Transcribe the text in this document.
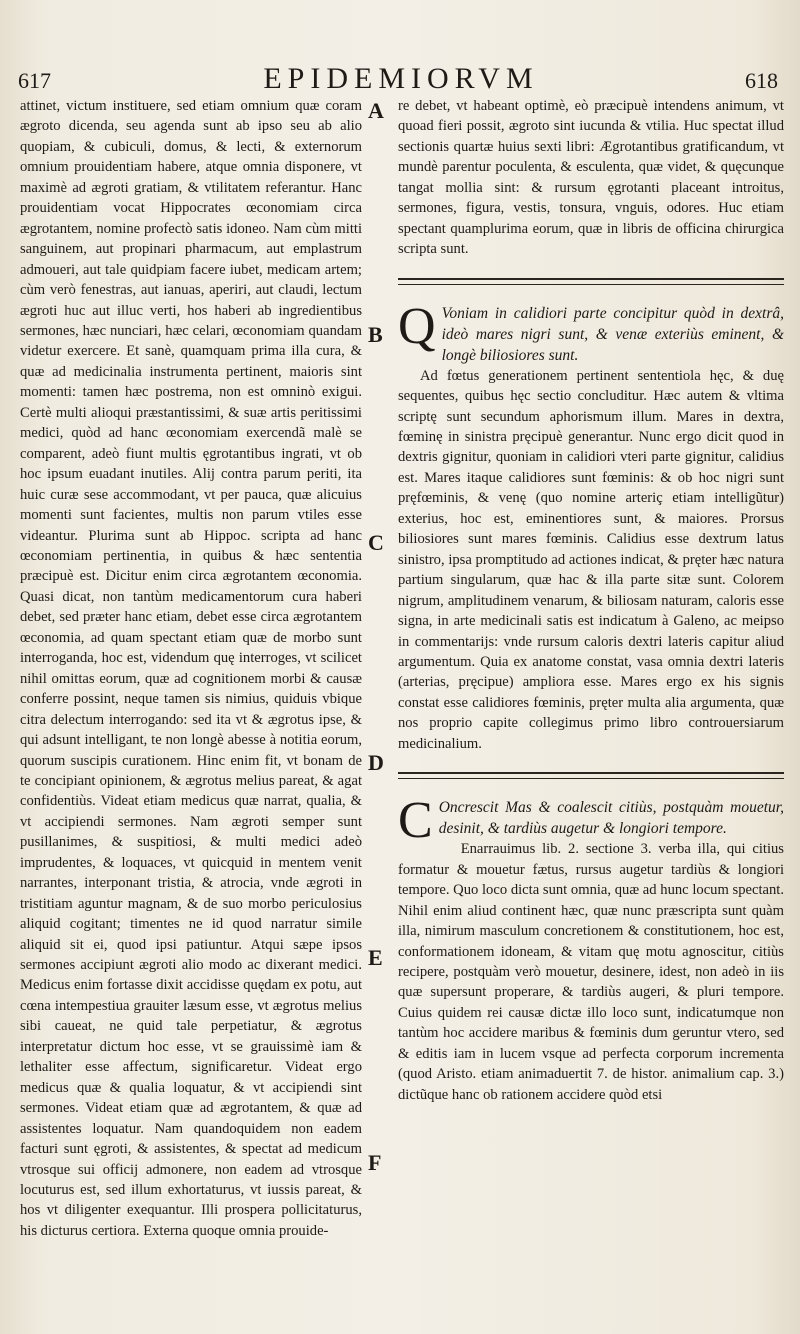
617	EPIDEMIORVM	618
A
B
C
D
E
F

attinet, victum instituere, sed etiam omnium quæ coram ægroto dicenda, seu agenda sunt ab ipso seu ab alio quopiam, & cubiculi, domus, & lecti, & externorum omnium prouidentiam habere, atque omnia disponere, vt maximè ad ægroti gratiam, & vtilitatem referantur. Hanc prouidentiam vocat Hippocrates œconomiam circa ægrotantem, nomine profectò satis idoneo. Nam cùm mitti sanguinem, aut propinari pharmacum, aut emplastrum admoueri, aut tale quidpiam facere iubet, medicam artem; cùm verò fenestras, aut ianuas, aperiri, aut claudi, lectum ægroti huc aut illuc verti, hos haberi ab ingredientibus sermones, hæc nunciari, hæc celari, œconomiam quandam videtur exercere. Et sanè, quamquam prima illa cura, & quæ ad medicinalia instrumenta pertinent, maioris sint momenti: tamen hæc postrema, non est omninò exigui. Certè multi alioqui præstantissimi, & suæ artis peritissimi medici, quòd ad hanc œconomiam exercendã malè se comparent, adeò fiunt multis ęgrotantibus ingrati, vt ob hoc ipsum euadant inutiles. Alij contra parum periti, ita huic curæ sese accommodant, vt per pauca, quæ alicuius momenti sunt facientes, multis non parum vtiles esse videantur. Plurima sunt ab Hippoc. scripta ad hanc œconomiam pertinentia, in quibus & hæc sententia præcipuè est. Dicitur enim circa ægrotantem œconomia. Quasi dicat, non tantùm medicamentorum cura haberi debet, sed præter hanc etiam, debet esse circa ægrotantem œconomia, ad quam spectant etiam quæ de morbo sunt interroganda, hoc est, videndum quę interroges, vt scilicet nihil omittas eorum, quæ ad cognitionem morbi & causæ conferre possint, neque tamen sis nimius, quiduis vbique citra delectum interrogando: sed ita vt & ægrotus ipse, & qui adsunt intelligant, te non longè abesse à notitia eorum, quorum suscipis curationem. Hinc enim fit, vt bonam de te concipiant opinionem, & ægrotus melius pareat, & agat confidentiùs. Videat etiam medicus quæ narrat, qualia, & vt accipiendi sermones. Nam ægroti semper sunt pusillanimes, & suspitiosi, & multi medici adeò imprudentes, & loquaces, vt quicquid in mentem venit narrantes, interponant tristia, & atrocia, vnde ægroti in tristitiam aguntur magnam, & de suo morbo periculosius aliquid cogitant; timentes ne id quod narratur simile aliquid sit ei, quod ipsi patiuntur. Atqui sæpe ipsos sermones accipiunt ægroti alio modo ac dixerant medici. Medicus enim fortasse dixit accidisse quędam ex potu, aut cœna intempestiua grauiter læsum esse, vt ægrotus melius sibi caueat, ne quid tale perpetiatur, & ægrotus interpretatur dictum hoc esse, vt se grauissimè iam & lethaliter esse affectum, significaretur. Videat ergo medicus quæ & qualia loquatur, & vt accipiendi sint sermones. Videat etiam quæ ad ægrotantem, & quæ ad assistentes loquatur. Nam quandoquidem non eadem facturi sunt ęgroti, & assistentes, & spectat ad medicum vtrosque sui officij admonere, non eadem ad vtrosque locuturus est, sed illum exhortaturus, vt iussis pareat, & hos vt diligenter exequantur. Illi prospera pollicitaturus, his dicturus certiora. Externa quoque omnia prouide-

re debet, vt habeant optimè, eò præcipuè intendens animum, vt quoad fieri possit, ægroto sint iucunda & vtilia. Huc spectat illud sectionis quartæ huius sexti libri: Ægrotantibus gratificandum, vt mundè parentur poculenta, & esculenta, quæ videt, & quęcunque tangat mollia sint: & rursum ęgrotanti placeant introitus, sermones, figura, vestis, tonsura, vnguis, odores. Huc etiam spectant quamplurima eorum, quæ in libris de officina chirurgica scripta sunt.

Q Voniam in calidiori parte concipitur quòd in dextrâ, ideò mares nigri sunt, & venæ exteriùs eminent, & longè biliosiores sunt.

Ad fœtus generationem pertinent sententiola hęc, & duę sequentes, quibus hęc sectio concluditur. Hæc autem & vltima scriptę sunt secundum aphorismum illum. Mares in dextra, fœminę in sinistra pręcipuè generantur. Nunc ergo dicit quod in dextris gignitur, quoniam in calidiori vteri parte gignitur, calidius est. Mares itaque calidiores sunt fœminis: & ob hoc nigri sunt pręfœminis, & venę (quo nomine arteriç etiam intelligũtur) exterius, hoc est, eminentiores sunt, & maiores. Prorsus biliosiores sunt mares fœminis. Calidius esse dextrum latus sinistro, ipsa promptitudo ad actiones indicat, & pręter hæc natura partium singularum, quæ hac & illa parte sitæ sunt. Colorem nigrum, amplitudinem venarum, & biliosam naturam, caloris esse signa, in arte medicinali satis est indicatum à Galeno, ac meipso in commentarijs: vnde rursum caloris dextri lateris capitur aliud argumentum. Quia ex anatome constat, vasa omnia dextri lateris (arterias, pręcipue) ampliora esse. Mares ergo ex his signis constat esse calidiores fœminis, pręter multa alia argumenta, quæ nos proprio capite collegimus primo libro controuersiarum medicinalium.

C Oncrescit Mas & coalescit citiùs, postquàm mouetur, desinit, & tardiùs augetur & longiori tempore.

Enarrauimus lib. 2. sectione 3. verba illa, qui citius formatur & mouetur fætus, rursus augetur tardiùs & longiori tempore. Quo loco dicta sunt omnia, quæ ad hunc locum spectant. Nihil enim aliud continent hæc, quæ nunc præscripta sunt quàm illa, nimirum masculum concretionem & constitutionem, hoc est, conformationem idoneam, & vitam quę motu agnoscitur, citiùs recipere, postquàm verò mouetur, desinere, idest, non adeò in iis quæ supersunt properare, & tardiùs augeri, & pluri tempore. Cuius quidem rei causæ dictæ illo loco sunt, indicatumque non tantùm hoc accidere maribus & fœminis dum geruntur vtero, sed & editis iam in lucem vsque ad perfecta corporum incrementa (quod Aristo. etiam animaduertit 7. de histor. animalium cap. 3.) dictũque hanc ob rationem accidere quòd etsi
